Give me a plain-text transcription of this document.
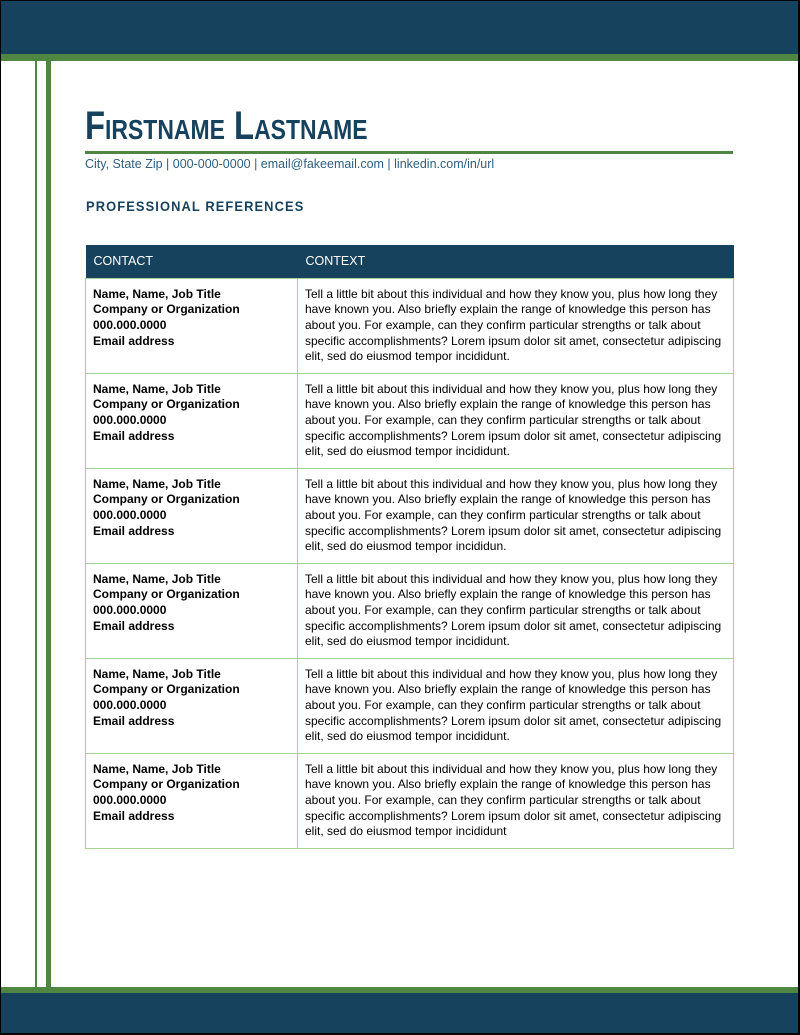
Firstname Lastname
City, State Zip | 000-000-0000 | email@fakeemail.com | linkedin.com/in/url
PROFESSIONAL REFERENCES
CONTACT	CONTEXT

Name, Name, Job Title
Company or Organization
000.000.0000
Email address
	Tell a little bit about this individual and how they know you, plus how long they have known you. Also briefly explain the range of knowledge this person has about you. For example, can they confirm particular strengths or talk about specific accomplishments? Lorem ipsum dolor sit amet, consectetur adipiscing elit, sed do eiusmod tempor incididunt.

Name, Name, Job Title
Company or Organization
000.000.0000
Email address
	Tell a little bit about this individual and how they know you, plus how long they have known you. Also briefly explain the range of knowledge this person has about you. For example, can they confirm particular strengths or talk about specific accomplishments? Lorem ipsum dolor sit amet, consectetur adipiscing elit, sed do eiusmod tempor incididunt.

Name, Name, Job Title
Company or Organization
000.000.0000
Email address
	Tell a little bit about this individual and how they know you, plus how long they have known you. Also briefly explain the range of knowledge this person has about you. For example, can they confirm particular strengths or talk about specific accomplishments? Lorem ipsum dolor sit amet, consectetur adipiscing elit, sed do eiusmod tempor incididun.

Name, Name, Job Title
Company or Organization
000.000.0000
Email address
	Tell a little bit about this individual and how they know you, plus how long they have known you. Also briefly explain the range of knowledge this person has about you. For example, can they confirm particular strengths or talk about specific accomplishments? Lorem ipsum dolor sit amet, consectetur adipiscing elit, sed do eiusmod tempor incididunt.

Name, Name, Job Title
Company or Organization
000.000.0000
Email address
	Tell a little bit about this individual and how they know you, plus how long they have known you. Also briefly explain the range of knowledge this person has about you. For example, can they confirm particular strengths or talk about specific accomplishments? Lorem ipsum dolor sit amet, consectetur adipiscing elit, sed do eiusmod tempor incididunt.

Name, Name, Job Title
Company or Organization
000.000.0000
Email address
	Tell a little bit about this individual and how they know you, plus how long they have known you. Also briefly explain the range of knowledge this person has about you. For example, can they confirm particular strengths or talk about specific accomplishments? Lorem ipsum dolor sit amet, consectetur adipiscing elit, sed do eiusmod tempor incididunt
